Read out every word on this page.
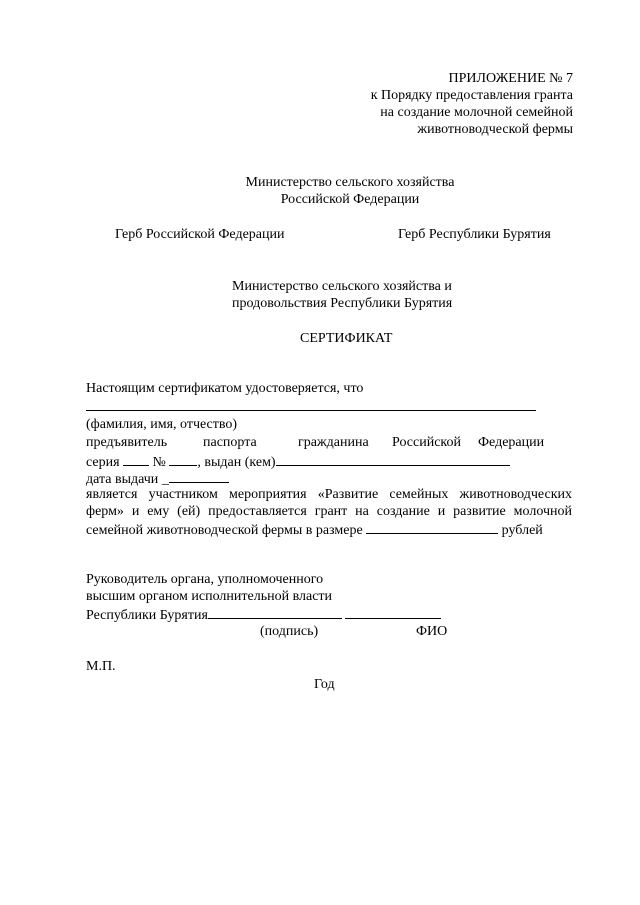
ПРИЛОЖЕНИЕ № 7
к Порядку предоставления гранта
на создание молочной семейной
животноводческой фермы
Министерство сельского хозяйства
Российской Федерации
Герб Российской Федерации	Герб Республики Бурятия
Министерство сельского хозяйства и
продовольствия Республики Бурятия
СЕРТИФИКАТ
Настоящим сертификатом удостоверяется, что
(фамилия, имя, отчество)
предъявитель	паспорта	гражданина Российской Федерации
серия № , выдан (кем)
дата выдачи _
является участником мероприятия «Развитие семейных животноводческих
ферм» и ему (ей) предоставляется грант на создание и развитие молочной
семейной животноводческой фермы в размере	рублей
Руководитель органа, уполномоченного
высшим органом исполнительной власти
Республики Бурятия
(подпись)	ФИО
М.П.
Год
